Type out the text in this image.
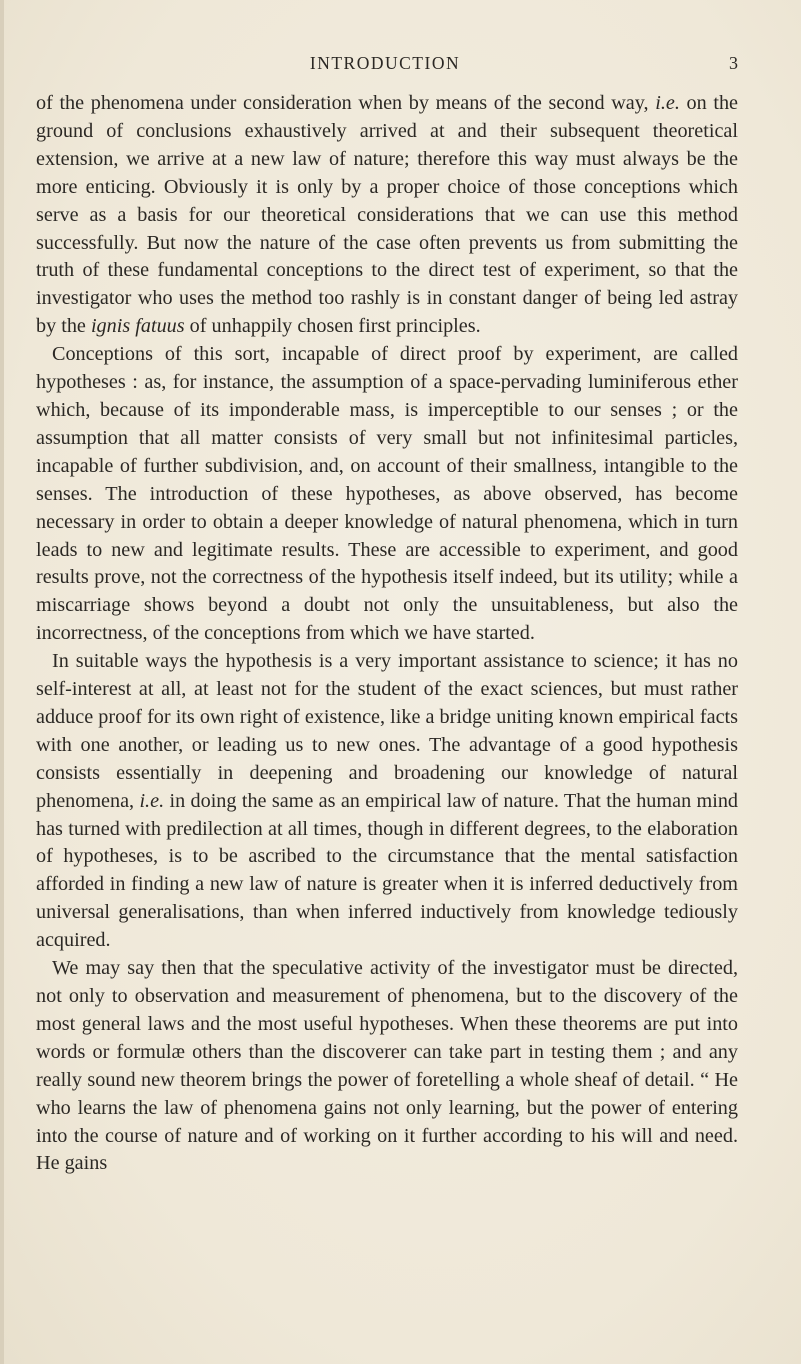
INTRODUCTION	3

of the phenomena under consideration when by means of the second way, i.e. on the ground of conclusions exhaustively arrived at and their subsequent theoretical extension, we arrive at a new law of nature; therefore this way must always be the more enticing. Obviously it is only by a proper choice of those conceptions which serve as a basis for our theoretical considerations that we can use this method successfully. But now the nature of the case often prevents us from submitting the truth of these fundamental conceptions to the direct test of experiment, so that the investigator who uses the method too rashly is in constant danger of being led astray by the ignis fatuus of unhappily chosen first principles.

Conceptions of this sort, incapable of direct proof by experiment, are called hypotheses : as, for instance, the assumption of a space-pervading luminiferous ether which, because of its imponderable mass, is imperceptible to our senses ; or the assumption that all matter consists of very small but not infinitesimal particles, incapable of further subdivision, and, on account of their smallness, intangible to the senses. The introduction of these hypotheses, as above observed, has become necessary in order to obtain a deeper knowledge of natural phenomena, which in turn leads to new and legitimate results. These are accessible to experiment, and good results prove, not the correctness of the hypothesis itself indeed, but its utility; while a miscarriage shows beyond a doubt not only the unsuitableness, but also the incorrectness, of the conceptions from which we have started.

In suitable ways the hypothesis is a very important assistance to science; it has no self-interest at all, at least not for the student of the exact sciences, but must rather adduce proof for its own right of existence, like a bridge uniting known empirical facts with one another, or leading us to new ones. The advantage of a good hypothesis consists essentially in deepening and broadening our knowledge of natural phenomena, i.e. in doing the same as an empirical law of nature. That the human mind has turned with predilection at all times, though in different degrees, to the elaboration of hypotheses, is to be ascribed to the circumstance that the mental satisfaction afforded in finding a new law of nature is greater when it is inferred deductively from universal generalisations, than when inferred inductively from knowledge tediously acquired.

We may say then that the speculative activity of the investigator must be directed, not only to observation and measurement of phenomena, but to the discovery of the most general laws and the most useful hypotheses. When these theorems are put into words or formulæ others than the discoverer can take part in testing them ; and any really sound new theorem brings the power of foretelling a whole sheaf of detail. “ He who learns the law of phenomena gains not only learning, but the power of entering into the course of nature and of working on it further according to his will and need. He gains
